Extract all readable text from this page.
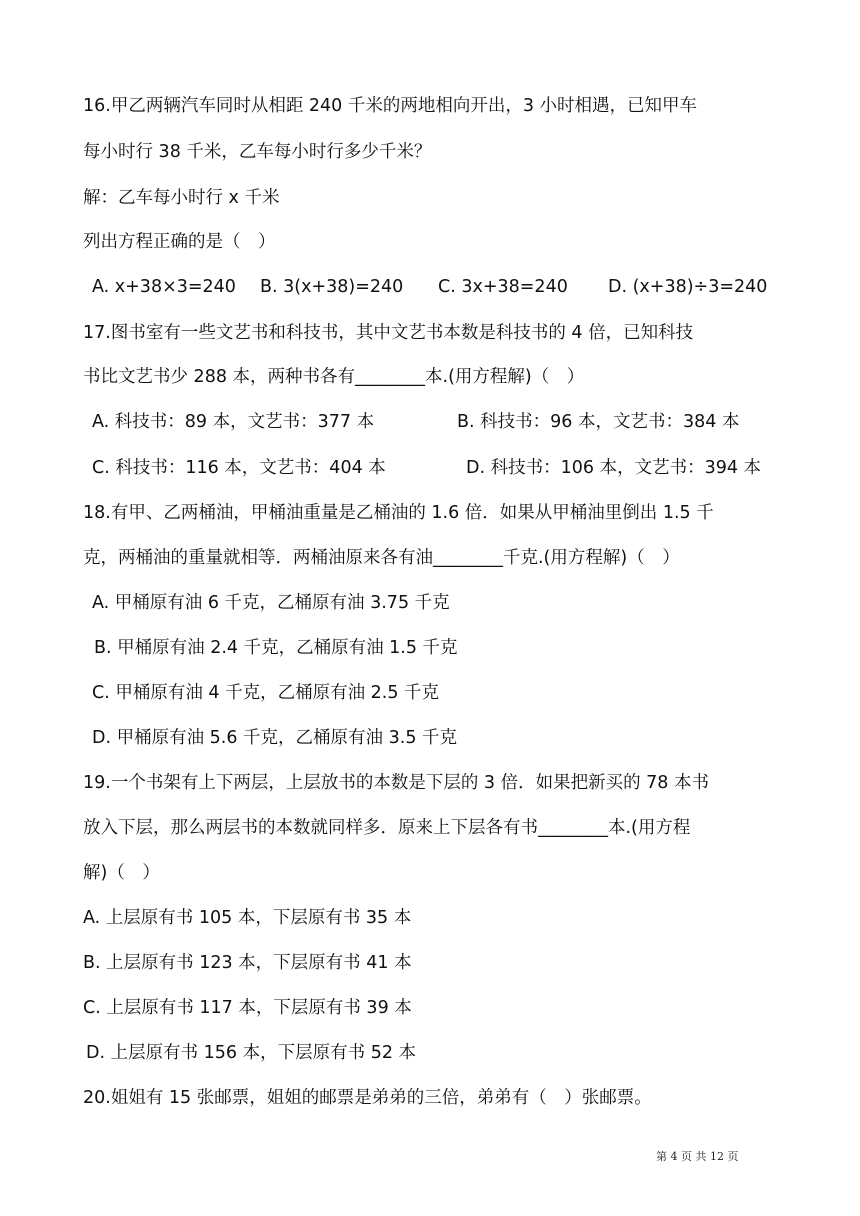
16.甲乙两辆汽车同时从相距 240 千米的两地相向开出，3 小时相遇，已知甲车
每小时行 38 千米，乙车每小时行多少千米？
解：乙车每小时行 x 千米
列出方程正确的是（　）
A. x+38×3=240 B. 3(x+38)=240 C. 3x+38=240 D. (x+38)÷3=240
17.图书室有一些文艺书和科技书，其中文艺书本数是科技书的 4 倍，已知科技
书比文艺书少 288 本，两种书各有________本.(用方程解)（　）
A. 科技书：89 本，文艺书：377 本	B. 科技书：96 本，文艺书：384 本
C. 科技书：116 本，文艺书：404 本	D. 科技书：106 本，文艺书：394 本
18.有甲、乙两桶油，甲桶油重量是乙桶油的 1.6 倍．如果从甲桶油里倒出 1.5 千
克，两桶油的重量就相等．两桶油原来各有油________千克.(用方程解)（　）
A. 甲桶原有油 6 千克，乙桶原有油 3.75 千克
B. 甲桶原有油 2.4 千克，乙桶原有油 1.5 千克
C. 甲桶原有油 4 千克，乙桶原有油 2.5 千克
D. 甲桶原有油 5.6 千克，乙桶原有油 3.5 千克
19.一个书架有上下两层，上层放书的本数是下层的 3 倍．如果把新买的 78 本书
放入下层，那么两层书的本数就同样多．原来上下层各有书________本.(用方程
解)（　）
A. 上层原有书 105 本，下层原有书 35 本
B. 上层原有书 123 本，下层原有书 41 本
C. 上层原有书 117 本，下层原有书 39 本
D. 上层原有书 156 本，下层原有书 52 本
20.姐姐有 15 张邮票，姐姐的邮票是弟弟的三倍，弟弟有（　）张邮票。
第 4 页 共 12 页
